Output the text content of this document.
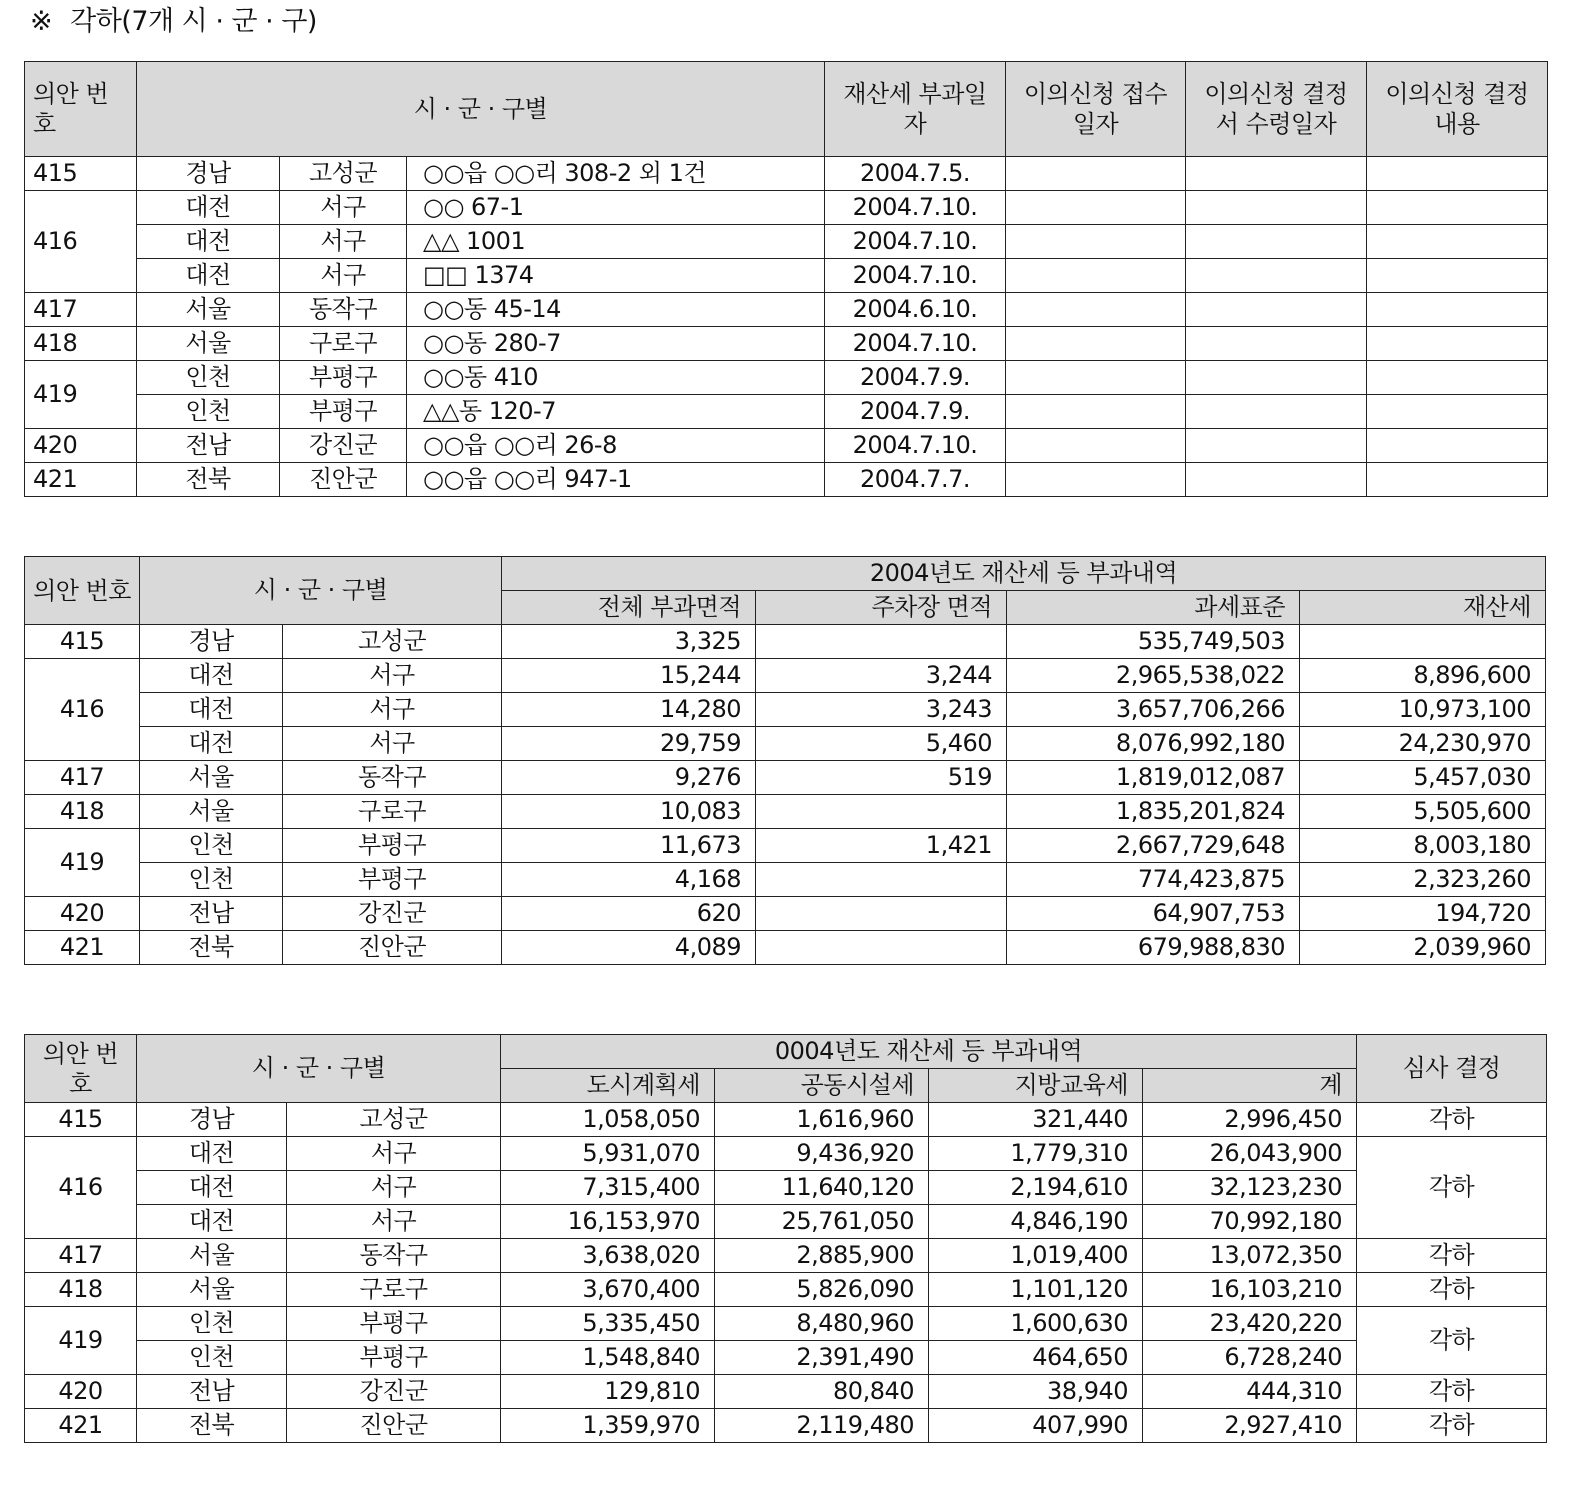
※ 각하(7개 시 · 군 · 구)
의안 번호	시 · 군 · 구별			재산세 부과일자	이의신청 접수일자	이의신청 결정서 수령일자	이의신청 결정내용
415	경남	고성군	○○읍 ○○리 308-2 외 1건	2004.7.5.			
416	대전	서구	○○ 67-1	2004.7.10.			
	대전	서구	△△ 1001	2004.7.10.			
	대전	서구	□□ 1374	2004.7.10.			
417	서울	동작구	○○동 45-14	2004.6.10.			
418	서울	구로구	○○동 280-7	2004.7.10.			
419	인천	부평구	○○동 410	2004.7.9.			
	인천	부평구	△△동 120-7	2004.7.9.			
420	전남	강진군	○○읍 ○○리 26-8	2004.7.10.			
421	전북	진안군	○○읍 ○○리 947-1	2004.7.7.			
의안 번호	시 · 군 · 구별		2004년도 재산세 등 부과내역			
			전체 부과면적	주차장 면적	과세표준	재산세
415	경남	고성군	3,325		535,749,503	
416	대전	서구	15,244	3,244	2,965,538,022	8,896,600
	대전	서구	14,280	3,243	3,657,706,266	10,973,100
	대전	서구	29,759	5,460	8,076,992,180	24,230,970
417	서울	동작구	9,276	519	1,819,012,087	5,457,030
418	서울	구로구	10,083		1,835,201,824	5,505,600
419	인천	부평구	11,673	1,421	2,667,729,648	8,003,180
	인천	부평구	4,168		774,423,875	2,323,260
420	전남	강진군	620		64,907,753	194,720
421	전북	진안군	4,089		679,988,830	2,039,960
의안 번호	시 · 군 · 구별		0004년도 재산세 등 부과내역				심사 결정
			도시계획세	공동시설세	지방교육세	계	
415	경남	고성군	1,058,050	1,616,960	321,440	2,996,450	각하
416	대전	서구	5,931,070	9,436,920	1,779,310	26,043,900	각하
	대전	서구	7,315,400	11,640,120	2,194,610	32,123,230	
	대전	서구	16,153,970	25,761,050	4,846,190	70,992,180	
417	서울	동작구	3,638,020	2,885,900	1,019,400	13,072,350	각하
418	서울	구로구	3,670,400	5,826,090	1,101,120	16,103,210	각하
419	인천	부평구	5,335,450	8,480,960	1,600,630	23,420,220	각하
	인천	부평구	1,548,840	2,391,490	464,650	6,728,240	
420	전남	강진군	129,810	80,840	38,940	444,310	각하
421	전북	진안군	1,359,970	2,119,480	407,990	2,927,410	각하
